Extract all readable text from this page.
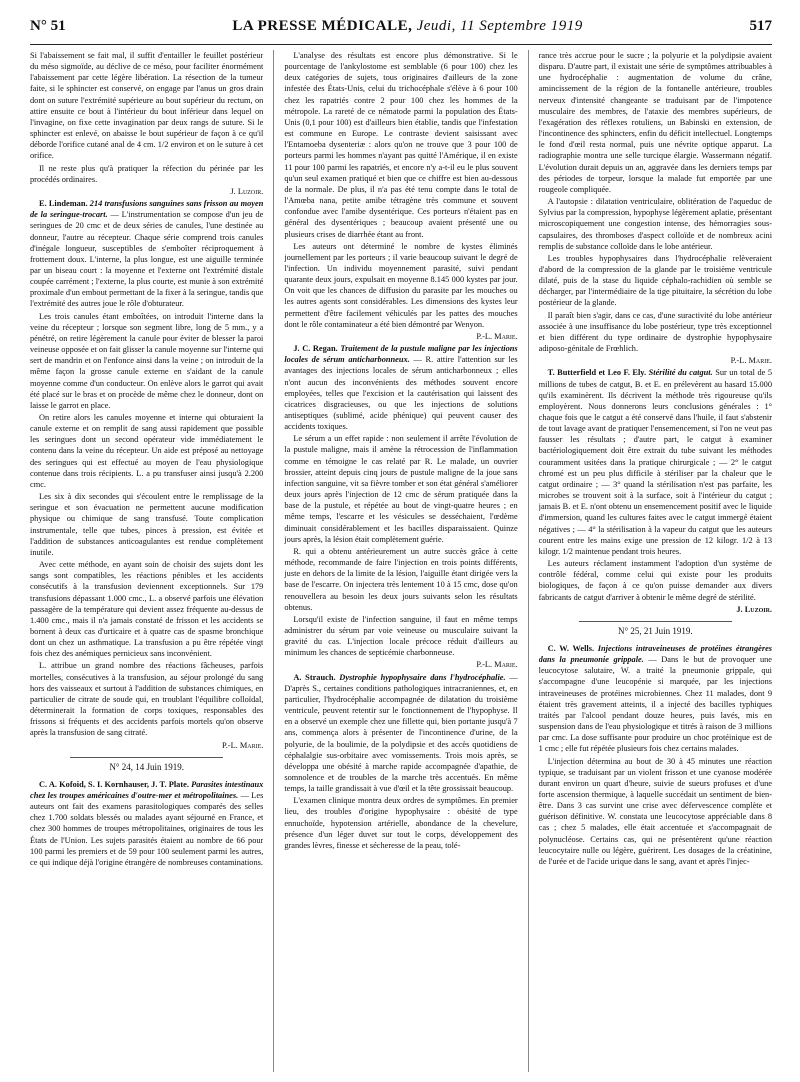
N° 51	LA PRESSE MÉDICALE, Jeudi, 11 Septembre 1919	517

Si l'abaissement se fait mal, il suffit d'entailler le feuillet postérieur du méso sigmoïde, au déclive de ce méso, pour faciliter énormément l'abaissement par cette légère libération. La résection de la tumeur faite, si le sphincter est conservé, on engage par l'anus un gros drain dont on suture l'extrémité supérieure au bout supérieur du rectum, on attire ensuite ce bout à l'intérieur du bout inférieur dans lequel on l'invagine, on fixe cette invagination par deux rangs de suture. Si le sphincter est enlevé, on abaisse le bout supérieur de façon à ce qu'il déborde l'orifice cutané anal de 4 cm. 1/2 environ et on le suture à cet orifice.

Il ne reste plus qu'à pratiquer la réfection du périnée par les procédés ordinaires.

J. Luzoir.

E. Lindeman. 214 transfusions sanguines sans frisson au moyen de la seringue-trocart. — L'instrumentation se compose d'un jeu de seringues de 20 cmc et de deux séries de canules, l'une destinée au donneur, l'autre au récepteur. Chaque série comprend trois canules d'inégale longueur, susceptibles de s'emboîter réciproquement à frottement doux. L'interne, la plus longue, est une aiguille terminée par un biseau court : la moyenne et l'externe ont l'extrémité distale coupée carrément ; l'externe, la plus courte, est munie à son extrémité proximale d'un embout permettant de la fixer à la seringue, tandis que l'extrémité des autres joue le rôle d'obturateur.

Les trois canules étant emboîtées, on introduit l'interne dans la veine du récepteur ; lorsque son segment libre, long de 5 mm., y a pénétré, on retire légèrement la canule pour éviter de blesser la paroi veineuse opposée et on fait glisser la canule moyenne sur l'interne qui sert de mandrin et on l'enfonce ainsi dans la veine ; on introduit de la même façon la grosse canule externe en s'aidant de la canule moyenne comme d'un conducteur. On enlève alors le garrot qui avait été placé sur le bras et on procède de même chez le donneur, dont on laisse le garrot en place.

On retire alors les canules moyenne et interne qui obturaient la canule externe et on remplit de sang aussi rapidement que possible les seringues dont un second opérateur vide immédiatement le contenu dans la veine du récepteur. Un aide est préposé au nettoyage des seringues qui est effectué au moyen de l'eau physiologique contenue dans trois récipients. L. a pu transfuser ainsi jusqu'à 2.200 cmc.

Les six à dix secondes qui s'écoulent entre le remplissage de la seringue et son évacuation ne permettent aucune modification physique ou chimique de sang transfusé. Toute complication instrumentale, telle que tubes, pinces à pression, est évitée et l'addition de substances anticoagulantes est rendue complètement inutile.

Avec cette méthode, en ayant soin de choisir des sujets dont les sangs sont compatibles, les réactions pénibles et les accidents consécutifs à la transfusion deviennent exceptionnels. Sur 179 transfusions dépassant 1.000 cmc., L. a observé parfois une élévation passagère de la température qui devient assez fréquente au-dessus de 1.400 cmc., mais il n'a jamais constaté de frisson et les accidents se bornent à deux cas d'urticaire et à quatre cas de spasme bronchique dont un chez un asthmatique. La transfusion a pu être répétée vingt fois chez des anémiques pernicieux sans inconvénient.

L. attribue un grand nombre des réactions fâcheuses, parfois mortelles, consécutives à la transfusion, au séjour prolongé du sang hors des vaisseaux et surtout à l'addition de substances chimiques, en particulier de citrate de soude qui, en troublant l'équilibre colloïdal, déterminerait la formation de corps toxiques, responsables des frissons si fréquents et des accidents parfois mortels qu'on observe après la transfusion de sang citraté.

P.-L. Marie.

N° 24, 14 Juin 1919.

C. A. Kofoid, S. I. Kornhauser, J. T. Plate. Parasites intestinaux chez les troupes américaines d'outre-mer et métropolitaines. — Les auteurs ont fait des examens parasitologiques comparés des selles chez 1.700 soldats blessés ou malades ayant séjourné en France, et chez 300 hommes de troupes métropolitaines, originaires de tous les États de l'Union. Les sujets parasités étaient au nombre de 66 pour 100 parmi les premiers et de 59 pour 100 seulement parmi les autres, ce qui indique déjà l'origine étrangère de nombreuses contaminations.

L'analyse des résultats est encore plus démonstrative. Si le pourcentage de l'ankylostome est semblable (6 pour 100) chez les deux catégories de sujets, tous originaires d'ailleurs de la zone infestée des États-Unis, celui du trichocéphale s'élève à 6 pour 100 chez les rapatriés contre 2 pour 100 chez les hommes de la métropole. La rareté de ce nématode parmi la population des États-Unis (0,1 pour 100) est d'ailleurs bien établie, tandis que l'infestation est commune en Europe. Le contraste devient saisissant avec l'Entamoeba dysenteriæ : alors qu'on ne trouve que 3 pour 100 de porteurs parmi les hommes n'ayant pas quitté l'Amérique, il en existe 11 pour 100 parmi les rapatriés, et encore n'y a-t-il eu le plus souvent qu'un seul examen pratiqué et bien que ce chiffre est bien au-dessous de la normale. De plus, il n'a pas été tenu compte dans le total de l'Amœba nana, petite amibe tétragène très commune et souvent confondue avec l'amibe dysentérique. Ces porteurs n'étaient pas en général des dysentériques ; beaucoup avaient présenté une ou plusieurs crises de diarrhée étant au front.

Les auteurs ont déterminé le nombre de kystes éliminés journellement par les porteurs ; il varie beaucoup suivant le degré de l'infection. Un individu moyennement parasité, suivi pendant quarante deux jours, expulsait en moyenne 8.145 000 kystes par jour. On voit que les chances de diffusion du parasite par les mouches ou les autres agents sont considérables. Les dimensions des kystes leur permettent d'être facilement véhiculés par les pattes des mouches dont le rôle contaminateur a été bien démontré par Wenyon.

P.-L. Marie.

J. C. Regan. Traitement de la pustule maligne par les injections locales de sérum anticharbonneux. — R. attire l'attention sur les avantages des injections locales de sérum anticharbonneux ; elles n'ont aucun des inconvénients des méthodes souvent encore employées, telles que l'excision et la cautérisation qui laissent des cicatrices disgracieuses, ou que les injections de solutions antiseptiques (sublimé, acide phénique) qui peuvent causer des accidents toxiques.

Le sérum a un effet rapide : non seulement il arrête l'évolution de la pustule maligne, mais il amène la rétrocession de l'inflammation comme en témoigne le cas relaté par R. Le malade, un ouvrier brossier, atteint depuis cinq jours de pustule maligne de la joue sans infection sanguine, vit sa fièvre tomber et son état général s'améliorer deux jours après l'injection de 12 cmc de sérum pratiquée dans la base de la pustule, et répétée au bout de vingt-quatre heures ; en même temps, l'escarre et les vésicules se desséchaient, l'œdème diminuait considérablement et les bacilles disparaissaient. Quinze jours après, la lésion était complètement guérie.

R. qui a obtenu antérieurement un autre succès grâce à cette méthode, recommande de faire l'injection en trois points différents, juste en dehors de la limite de la lésion, l'aiguille étant dirigée vers la base de l'escarre. On injectera très lentement 10 à 15 cmc, dose qu'on renouvellera au besoin les deux jours suivants selon les résultats obtenus.

Lorsqu'il existe de l'infection sanguine, il faut en même temps administrer du sérum par voie veineuse ou musculaire suivant la gravité du cas. L'injection locale précoce réduit d'ailleurs au minimum les chances de septicémie charbonneuse.

P.-L. Marie.

A. Strauch. Dystrophie hypophysaire dans l'hydrocéphalie. — D'après S., certaines conditions pathologiques intracraniennes, et, en particulier, l'hydrocéphalie accompagnée de dilatation du troisième ventricule, peuvent retentir sur le fonctionnement de l'hypophyse. Il en a observé un exemple chez une fillette qui, bien portante jusqu'à 7 ans, commença alors à présenter de l'incontinence d'urine, de la polyurie, de la boulimie, de la polydipsie et des accès quotidiens de céphalalgie sus-orbitaire avec vomissements. Trois mois après, se développa une obésité à marche rapide accompagnée d'apathie, de somnolence et de troubles de la marche très accentués. En même temps, la taille grandissait à vue d'œil et la tête grossissait beaucoup.

L'examen clinique montra deux ordres de symptômes. En premier lieu, des troubles d'origine hypophysaire : obésité de type ennuchoïde, hypotension artérielle, abondance de la chevelure, présence d'un léger duvet sur tout le corps, développement des grandes lèvres, finesse et sécheresse de la peau, tolé-

rance très accrue pour le sucre ; la polyurie et la polydipsie avaient disparu. D'autre part, il existait une série de symptômes attribuables à une hydrocéphalie : augmentation de volume du crâne, amincissement de la région de la fontanelle antérieure, troubles nerveux d'intensité changeante se traduisant par de l'impotence musculaire des membres, de l'ataxie des membres supérieurs, de l'exagération des réflexes rotuliens, un Babinski en extension, de l'incontinence des sphincters, enfin du déficit intellectuel. Longtemps le fond d'œil resta normal, puis une névrite optique apparut. La radiographie montra une selle turcique élargie. Wassermann négatif. L'évolution durait depuis un an, aggravée dans les derniers temps par des périodes de torpeur, lorsque la malade fut emportée par une rougeole compliquée.

A l'autopsie : dilatation ventriculaire, oblitération de l'aqueduc de Sylvius par la compression, hypophyse légèrement aplatie, présentant microscopiquement une congestion intense, des hémorragies sous-capsulaires, des thromboses d'aspect colloïde et de nombreux acini remplis de substance colloïde dans le lobe antérieur.

Les troubles hypophysaires dans l'hydrocéphalie relèveraient d'abord de la compression de la glande par le troisième ventricule dilaté, puis de la stase du liquide céphalo-rachidien où semble se décharger, par l'intermédiaire de la tige pituitaire, la sécrétion du lobe postérieur de la glande.

Il paraît bien s'agir, dans ce cas, d'une suractivité du lobe antérieur associée à une insuffisance du lobe postérieur, type très exceptionnel et bien différent du type ordinaire de dystrophie hypophysaire adiposo-génitale de Frœhlich.

P.-L. Marie.

T. Butterfield et Leo F. Ely. Stérilité du catgut. Sur un total de 5 millions de tubes de catgut, B. et E. en prélevèrent au hasard 15.000 qu'ils examinèrent. Ils décrivent la méthode très rigoureuse qu'ils employèrent. Nous donnerons leurs conclusions générales : 1° chaque fois que le catgut a été conservé dans l'huile, il faut s'abstenir de tout lavage avant de pratiquer l'ensemencement, si l'on ne veut pas fausser les résultats ; d'autre part, le catgut à examiner bactériologiquement doit être extrait du tube suivant les méthodes couramment usitées dans la pratique chirurgicale ; — 2° le catgut chromé est un peu plus difficile à stériliser par la chaleur que le catgut ordinaire ; — 3° quand la stérilisation n'est pas parfaite, les microbes se trouvent soit à la surface, soit à l'intérieur du catgut ; jamais B. et E. n'ont obtenu un ensemencement positif avec le liquide d'immersion, quand les cultures faites avec le catgut immergé étaient négatives ; — 4° la stérilisation à la vapeur du catgut que les auteurs courent entre les mains exige une pression de 12 kilogr. 1/2 à 13 kilogr. 1/2 maintenue pendant trois heures.

Les auteurs réclament instamment l'adoption d'un système de contrôle fédéral, comme celui qui existe pour les produits biologiques, de façon à ce qu'on puisse demander aux divers fabricants de catgut d'arriver à obtenir le même degré de stérilité.

J. Luzoir.

N° 25, 21 Juin 1919.

C. W. Wells. Injections intraveineuses de protéines étrangères dans la pneumonie grippale. — Dans le but de provoquer une leucocytose salutaire, W. a traité la pneumonie grippale, qui s'accompagne d'une leucopénie si marquée, par les injections intraveineuses de protéines microbiennes. Chez 11 malades, dont 9 étaient très gravement atteints, il a injecté des bacilles typhiques traités par l'alcool pendant douze heures, puis lavés, mis en suspension dans de l'eau physiologique et titrés à raison de 3 millions par cmc. La dose suffisante pour produire un choc protéinique est de 1 cmc ; elle fut répétée plusieurs fois chez certains malades.

L'injection détermina au bout de 30 à 45 minutes une réaction typique, se traduisant par un violent frisson et une cyanose modérée durant environ un quart d'heure, suivie de sueurs profuses et d'une forte ascension thermique, à laquelle succédait un sentiment de bien-être. Dans 3 cas survint une crise avec défervescence complète et guérison définitive. W. constata une leucocytose appréciable dans 8 cas ; chez 5 malades, elle était accentuée et s'accompagnait de polynucléose. Certains cas, qui ne présentèrent qu'une réaction leucocytaire nulle ou légère, guérirent. Les dosages de la créatinine, de l'urée et de l'acide urique dans le sang, avant et après l'injec-
